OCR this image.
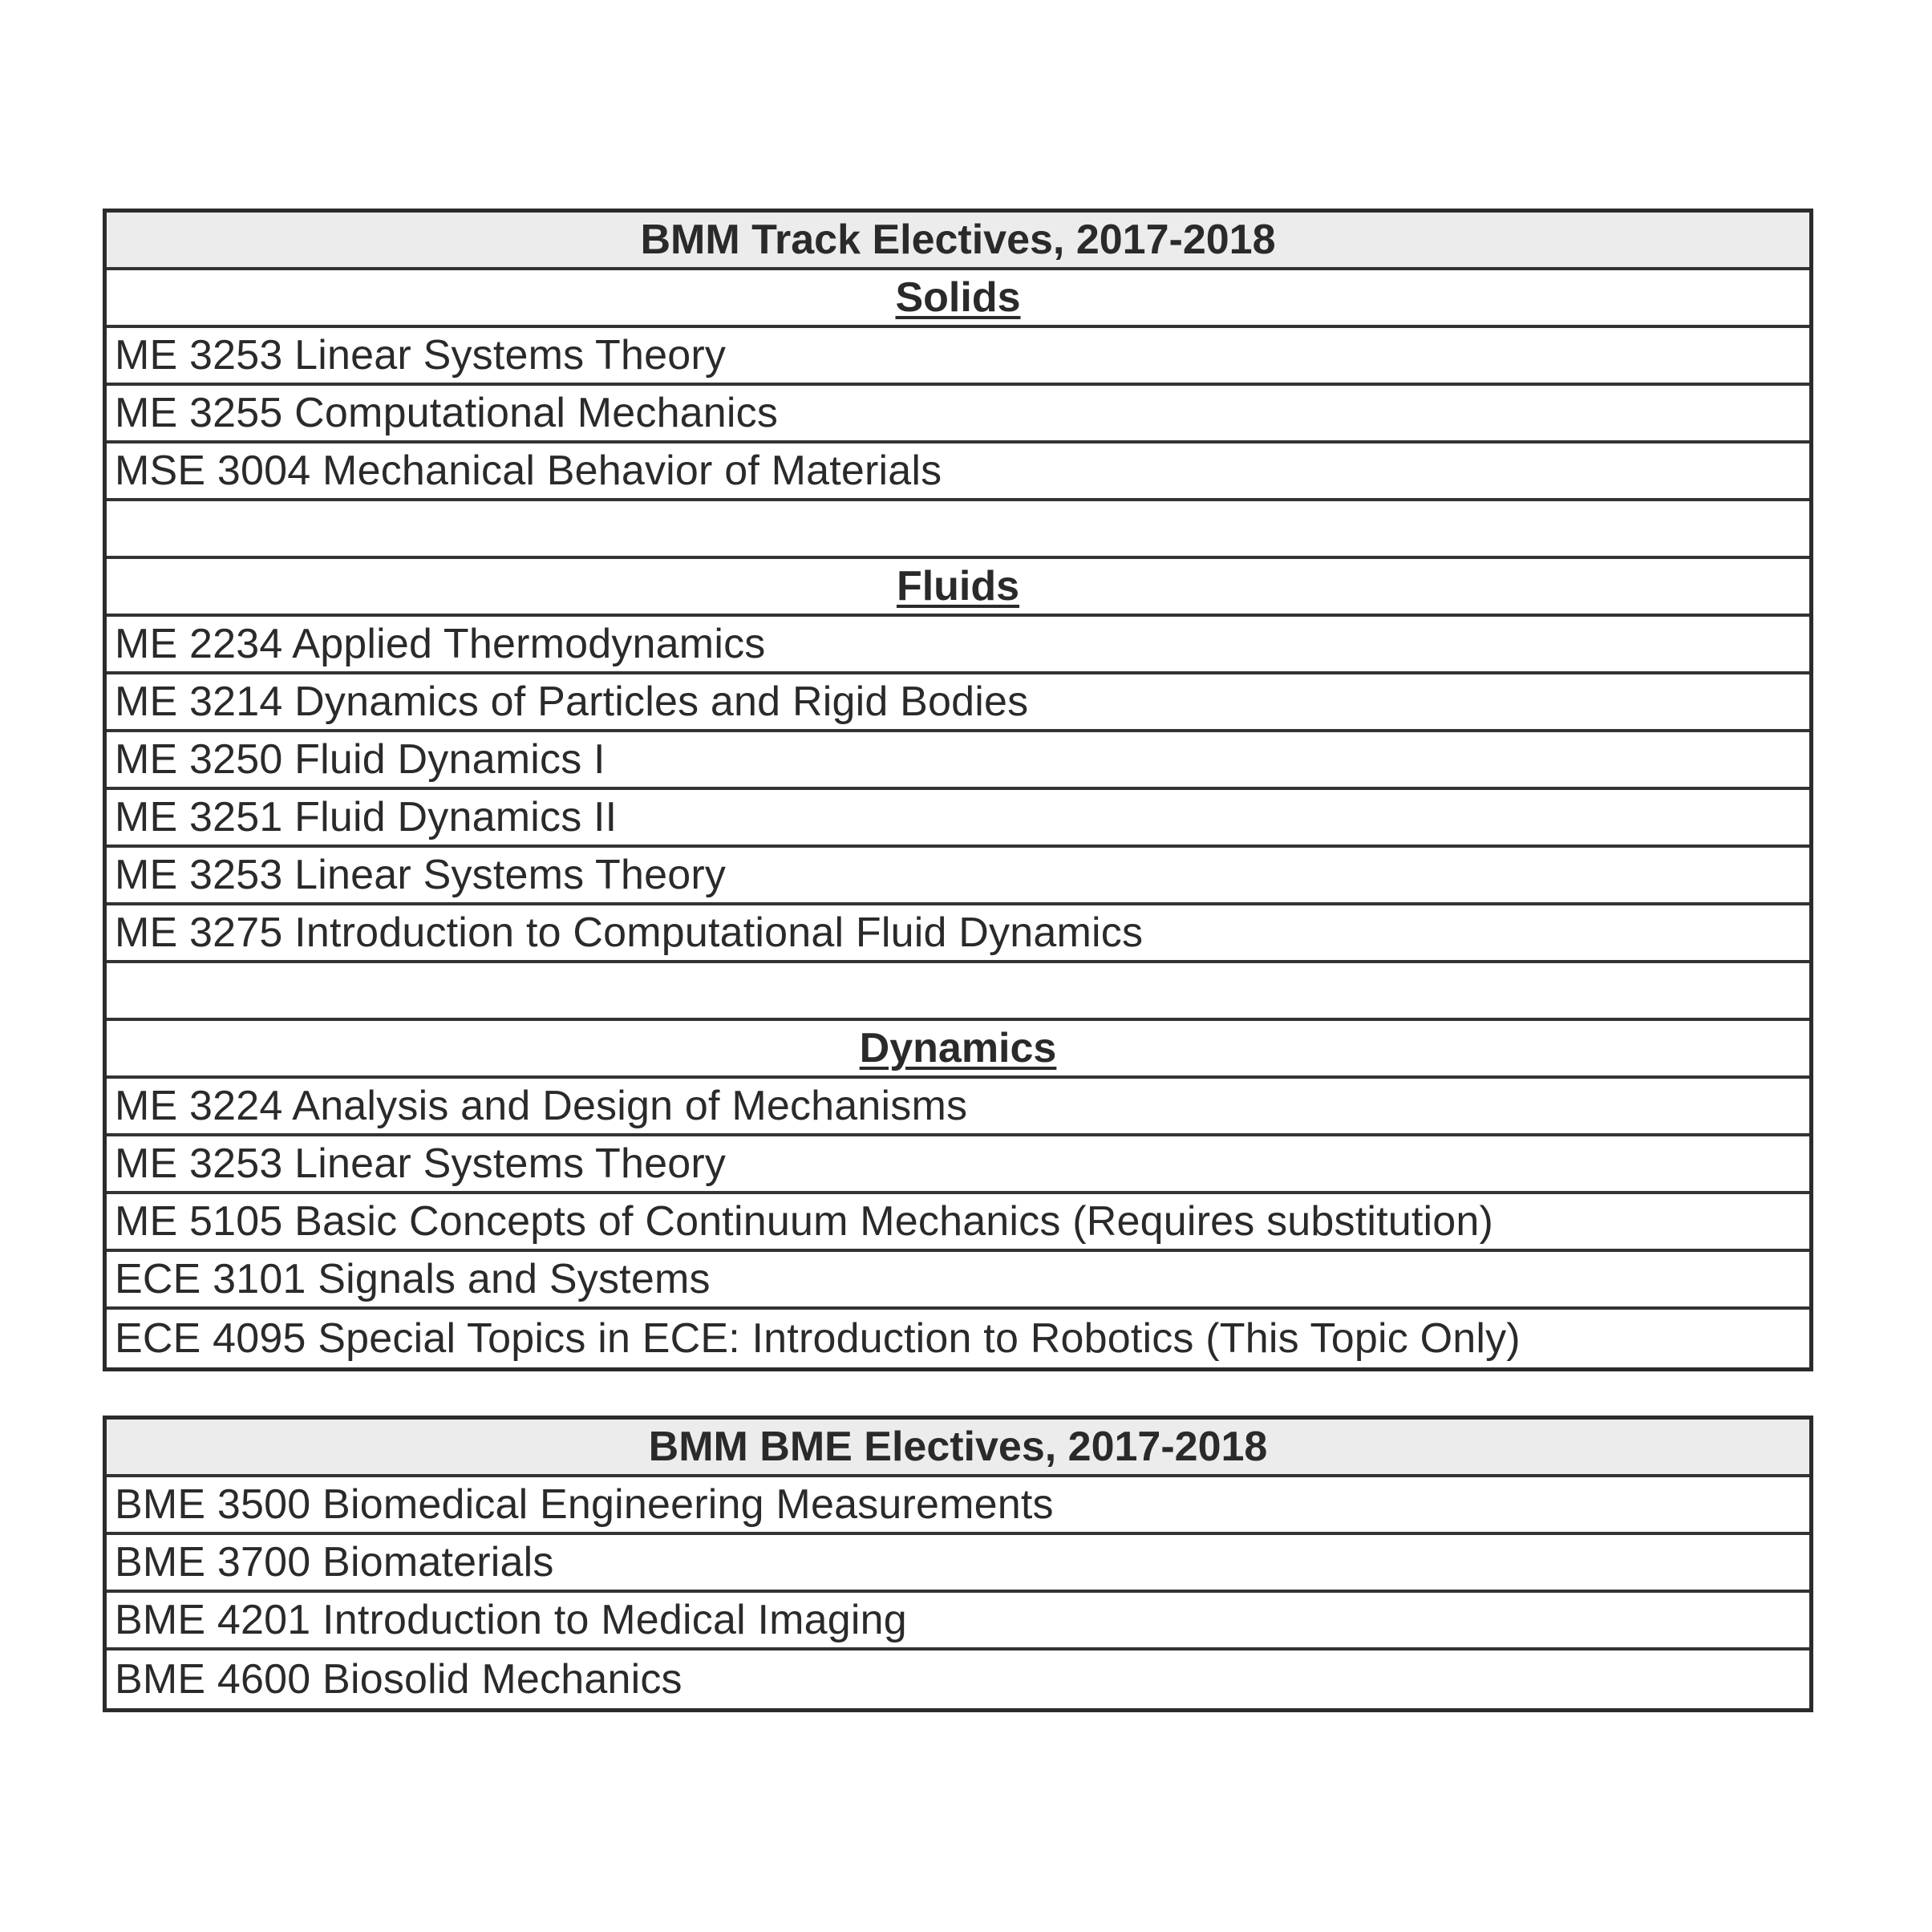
BMM Track Electives, 2017-2018
Solids
ME 3253 Linear Systems Theory
ME 3255 Computational Mechanics
MSE 3004 Mechanical Behavior of Materials
Fluids
ME 2234 Applied Thermodynamics
ME 3214 Dynamics of Particles and Rigid Bodies
ME 3250 Fluid Dynamics I
ME 3251 Fluid Dynamics II
ME 3253 Linear Systems Theory
ME 3275 Introduction to Computational Fluid Dynamics
Dynamics
ME 3224 Analysis and Design of Mechanisms
ME 3253 Linear Systems Theory
ME 5105 Basic Concepts of Continuum Mechanics (Requires substitution)
ECE 3101 Signals and Systems
ECE 4095 Special Topics in ECE: Introduction to Robotics (This Topic Only)
BMM BME Electives, 2017-2018
BME 3500 Biomedical Engineering Measurements
BME 3700 Biomaterials
BME 4201 Introduction to Medical Imaging
BME 4600 Biosolid Mechanics
